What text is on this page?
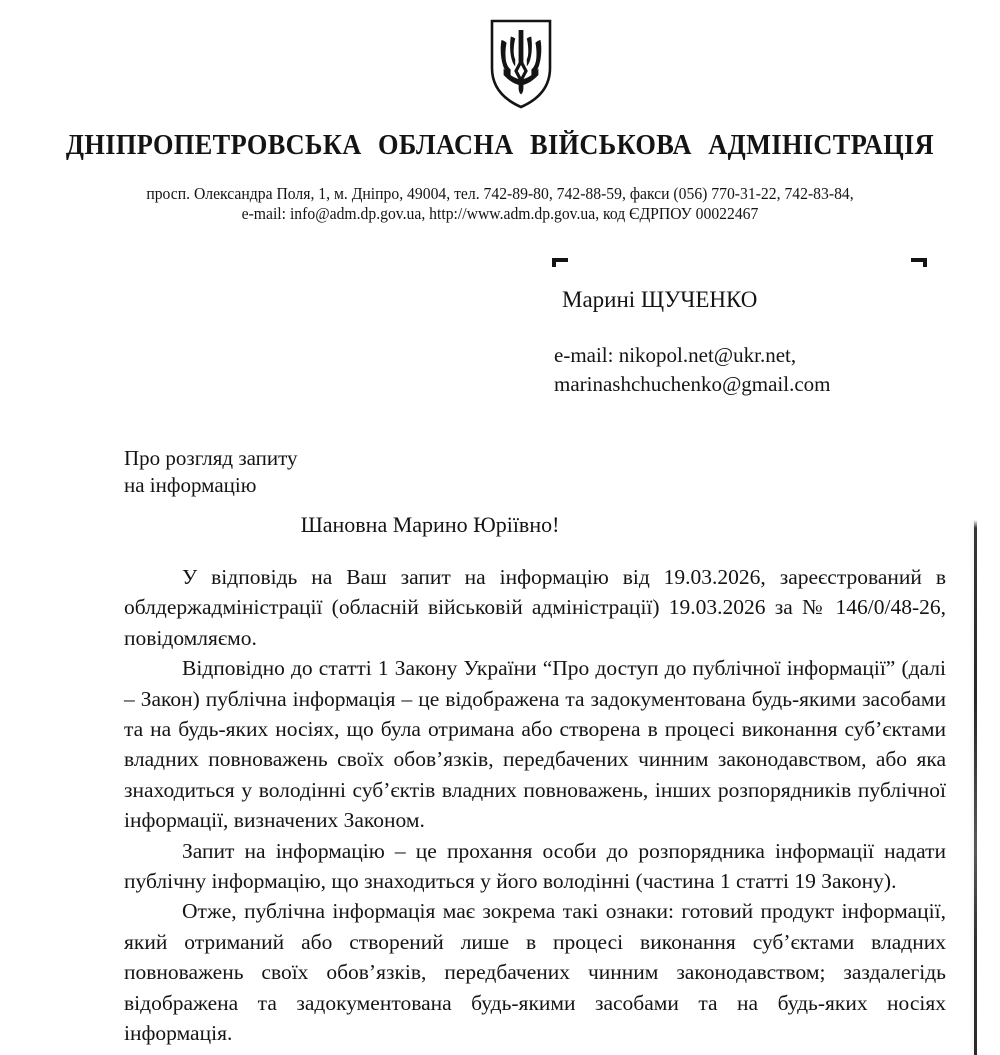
ДНІПРОПЕТРОВСЬКА ОБЛАСНА ВІЙСЬКОВА АДМІНІСТРАЦІЯ
просп. Олександра Поля, 1, м. Дніпро, 49004, тел. 742-89-80, 742-88-59, факси (056) 770-31-22, 742-83-84,
e-mail: info@adm.dp.gov.ua, http://www.adm.dp.gov.ua, код ЄДРПОУ 00022467
Марині ЩУЧЕНКО
e-mail: nikopol.net@ukr.net,
marinashchuchenko@gmail.com
Про розгляд запиту
на інформацію
Шановна Марино Юріївно!

У відповідь на Ваш запит на інформацію від 19.03.2026, зареєстрований в облдержадміністрації (обласній військовій адміністрації) 19.03.2026 за № 146/0/48-26, повідомляємо.

Відповідно до статті 1 Закону України “Про доступ до публічної інформації” (далі – Закон) публічна інформація – це відображена та задокументована будь-якими засобами та на будь-яких носіях, що була отримана або створена в процесі виконання суб’єктами владних повноважень своїх обов’язків, передбачених чинним законодавством, або яка знаходиться у володінні суб’єктів владних повноважень, інших розпорядників публічної інформації, визначених Законом.

Запит на інформацію – це прохання особи до розпорядника інформації надати публічну інформацію, що знаходиться у його володінні (частина 1 статті 19 Закону).

Отже, публічна інформація має зокрема такі ознаки: готовий продукт інформації, який отриманий або створений лише в процесі виконання суб’єктами владних повноважень своїх обов’язків, передбачених чинним законодавством; заздалегідь відображена та задокументована будь-якими засобами та на будь-яких носіях інформація.
